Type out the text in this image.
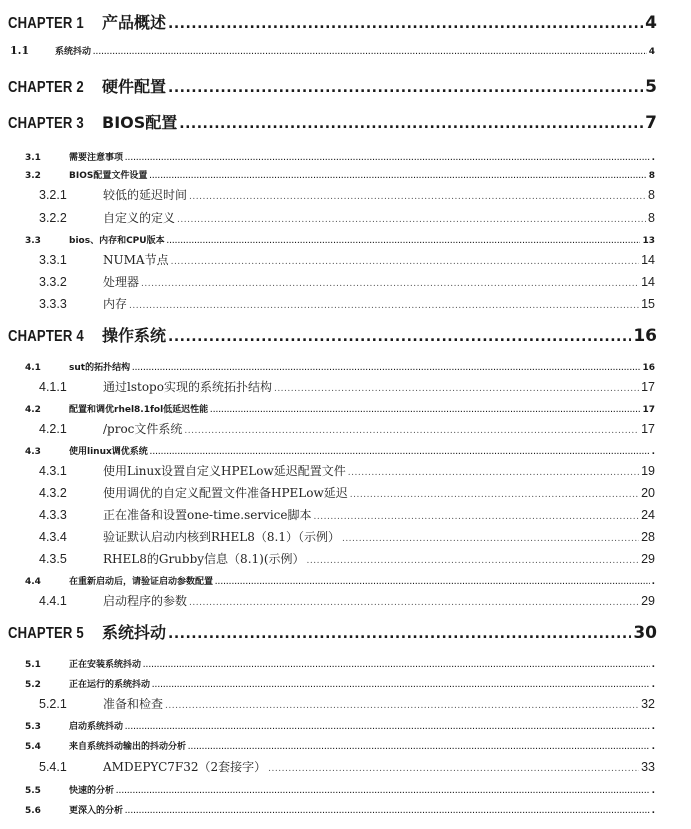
CHAPTER 1 产品概述 .....	4
1.1	系统抖动 .....	4
CHAPTER 2 硬件配置 .....	5
CHAPTER 3 BIOS配置 .....	7
3.1	需要注意事项 .....	.
3.2	BIOS配置文件设置 .....	8
3.2.1	较低的延迟时间 .....	8
3.2.2	自定义的定义 .....	8
3.3	bios、内存和CPU版本 .....	13
3.3.1	NUMA节点 .....	14
3.3.2	处理器 .....	14
3.3.3	内存 .....	15
CHAPTER 4 操作系统 .....	16
4.1	sut的拓扑结构 .....	16
4.1.1	通过lstopo实现的系统拓扑结构 .....	17
4.2	配置和调优rhel8.1fol低延迟性能 .....	17
4.2.1	/proc文件系统 .....	17
4.3	使用linux调优系统 .....	.
4.3.1	使用Linux设置自定义HPELow延迟配置文件 .....	19
4.3.2	使用调优的自定义配置文件准备HPELow延迟 .....	20
4.3.3	正在准备和设置one-time.service脚本 .....	24
4.3.4	验证默认启动内核到RHEL8（8.1）（示例） .....	28
4.3.5	RHEL8的Grubby信息（8.1)(示例） .....	29
4.4	在重新启动后，请验证启动参数配置 .....	.
4.4.1	启动程序的参数 .....	29
CHAPTER 5 系统抖动 .....	30
5.1	正在安装系统抖动 .....	.
5.2	正在运行的系统抖动 .....	.
5.2.1	准备和检查 .....	32
5.3	启动系统抖动 .....	.
5.4	来自系统抖动输出的抖动分析 .....	.
5.4.1	AMDEPYC7F32（2套接字） .....	33
5.5	快速的分析 .....	.
5.6	更深入的分析 .....	.
